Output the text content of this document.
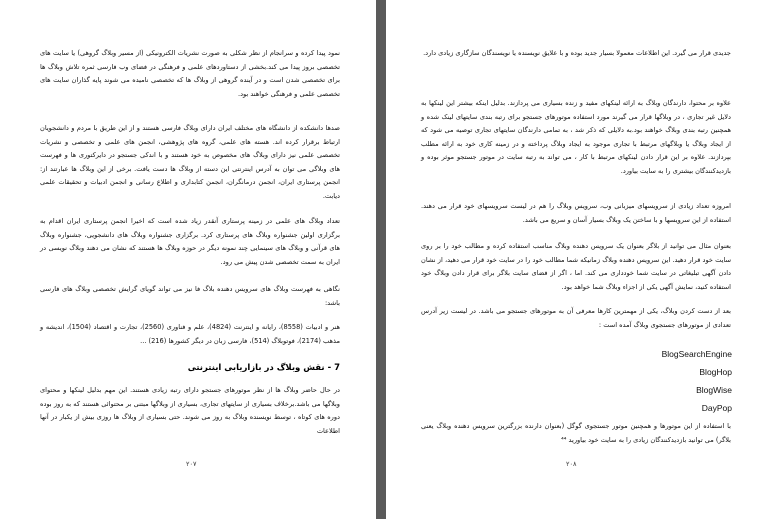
نمود پیدا کرده و سرانجام از نظر شکلی به صورت نشریات الکترونیکی (از مسیر وبلاگ گروهی) یا سایت های تخصصی بروز پیدا می کند.بخشی از دستاوردهای علمی و فرهنگی در فضای وب فارسی ثمره تلاش وبلاگ ها برای تخصصی شدن است و در آینده گروهی از وبلاگ ها که تخصصی نامیده می شوند پایه گذاران سایت های تخصصی علمی و فرهنگی خواهند بود.

صدها دانشکده از دانشگاه های مختلف ایران دارای وبلاگ فارسی هستند و از این طریق با مردم و دانشجویان ارتباط برقرار کرده اند. هسته های علمی، گروه های پژوهشی، انجمن های علمی و تخصصی و نشریات تخصصی علمی نیز دارای وبلاگ های مخصوص به خود هستند و با اندکی جستجو در دایرکتوری ها و فهرست های وبلاگی می توان به آدرس اینترنتی این دسته از وبلاگ ها دست یافت. برخی از این وبلاگ ها عبارتند از: انجمن پرستاری ایران، انجمن درمانگران، انجمن کتابداری و اطلاع رسانی و انجمن ادبیات و تحقیقات علمی دیابت.

تعداد وبلاگ های علمی در زمینه پرستاری آنقدر زیاد شده است که اخیرا انجمن پرستاری ایران اقدام به برگزاری اولین جشنواره وبلاگ های پرستاری کرد. برگزاری جشنواره وبلاگ های دانشجویی، جشنواره وبلاگ های قرآنی و وبلاگ های سینمایی چند نمونه دیگر در حوزه وبلاگ ها هستند که نشان می دهند وبلاگ نویسی در ایران به سمت تخصصی شدن پیش می رود.

نگاهی به فهرست وبلاگ های سرویس دهنده بلاگ فا نیز می تواند گویای گرایش تخصصی وبلاگ های فارسی باشد:

هنر و ادبیات (8558)، رایانه و اینترنت (4824)، علم و فناوری (2560)، تجارت و اقتصاد (1504)، اندیشه و مذهب (2174)، فوتوبلاگ (514)، فارسی زبان در دیگر کشورها (216) ...

7 - نقش وبلاگ در بازاریابی اینترنتی

در حال حاضر وبلاگ ها از نظر موتورهای جستجو دارای رتبه زیادی هستند. این مهم بدلیل لینکها و محتوای وبلاگها می باشد.برخلاف بسیاری از سایتهای تجاری، بسیاری از وبلاگها مبتنی بر محتوائی هستند که به روز بوده دوره های کوتاه ، توسط نویسنده وبلاگ به روز می شوند. حتی بسیاری از وبلاگ ها روزی بیش از یکبار در آنها اطلاعات

۲۰۷

جدیدی قرار می گیرد. این اطلاعات معمولا بسیار جدید بوده و با علایق نویسنده یا نویسندگان سازگاری زیادی دارد.

علاوه بر محتوا، دارندگان وبلاگ به ارائه لینکهای مفید و زنده بسیاری می پردازند. بدلیل اینکه بیشتر این لینکها به دلایل غیر تجاری ، در وبلاگها قرار می گیرند مورد استفاده موتورهای جستجو برای رتبه بندی سایتهای لینک شده و همچنین رتبه بندی وبلاگ خواهند بود.به دلایلی که ذکر شد ، به تمامی دارندگان سایتهای تجاری توصیه می شود که از ایجاد وبلاگ یا وبلاگهای مرتبط با تجاری موجود به ایجاد وبلاگ پرداخته و در زمینه کاری خود به ارائه مطلب بپردازند. علاوه بر این قرار دادن لینکهای مرتبط با کار ، می تواند به رتبه سایت در موتور جستجو موثر بوده و بازدیدکنندگان بیشتری را به سایت بیاورد.

امروزه تعداد زیادی از سرویسهای میزبانی وب، سرویس وبلاگ را هم در لیست سرویسهای خود قرار می دهند. استفاده از این سرویسها و با ساختن یک وبلاگ بسیار آسان و سریع می باشد.

بعنوان مثال می توانید از بلاگر بعنوان یک سرویس دهنده وبلاگ مناسب استفاده کرده و مطالب خود را بر روی سایت خود قرار دهید. این سرویس دهنده وبلاگ زمانیکه شما مطالب خود را در سایت خود قرار می دهید، از نشان دادن آگهی تبلیغاتی در سایت شما خودداری می کند. اما ، اگر از فضای سایت بلاگر برای قرار دادن وبلاگ خود استفاده کنید، نمایش آگهی یکی از اجزاء وبلاگ شما خواهد بود.

بعد از دست کردن وبلاگ، یکی از مهمترین کارها معرفی آن به موتورهای جستجو می باشد. در لیست زیر آدرس تعدادی از موتورهای جستجوی وبلاگ آمده است :

BlogSearchEngine
BlogHop
BlogWise
DayPop

با استفاده از این موتورها و همچنین موتور جستجوی گوگل (بعنوان دارنده بزرگترین سرویس دهنده وبلاگ یعنی بلاگر) می توانید بازدیدکنندگان زیادی را به سایت خود بیاورید ⁴⁴

۲۰۸
